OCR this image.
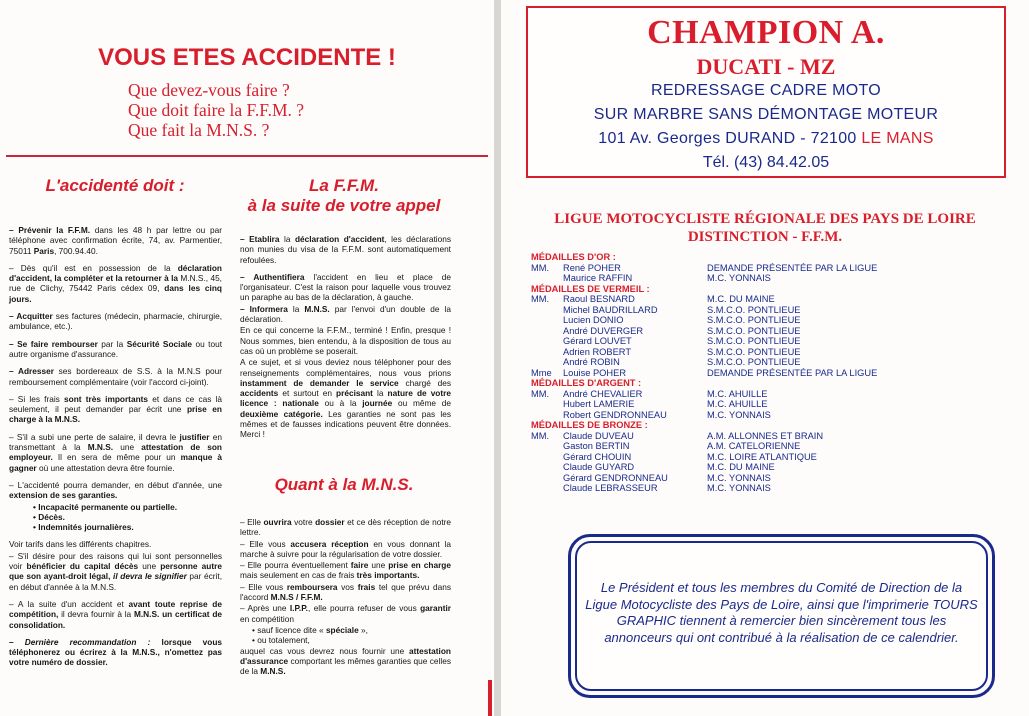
VOUS ETES ACCIDENTE !
Que devez-vous faire ?
Que doit faire la F.F.M. ?
Que fait la M.N.S. ?
L'accidenté doit :	La F.F.M.
à la suite de votre appel

– Prévenir la F.F.M. dans les 48 h par lettre ou par téléphone avec confirmation écrite, 74, av. Parmentier, 75011 Paris, 700.94.40.

– Dès qu'il est en possession de la déclaration d'accident, la compléter et la retourner à la M.N.S., 45, rue de Clichy, 75442 Paris cédex 09, dans les cinq jours.

– Acquitter ses factures (médecin, pharmacie, chirurgie, ambulance, etc.).

– Se faire rembourser par la Sécurité Sociale ou tout autre organisme d'assurance.

– Adresser ses bordereaux de S.S. à la M.N.S pour remboursement complémentaire (voir l'accord ci-joint).

– Si les frais sont très importants et dans ce cas là seulement, il peut demander par écrit une prise en charge à la M.N.S.

– S'il a subi une perte de salaire, il devra le justifier en transmettant à la M.N.S. une attestation de son employeur. Il en sera de même pour un manque à gagner où une attestation devra être fournie.

– L'accidenté pourra demander, en début d'année, une extension de ses garanties.

• Incapacité permanente ou partielle.
• Décès.
• Indemnités journalières.

Voir tarifs dans les différents chapitres.

– S'il désire pour des raisons qui lui sont personnelles voir bénéficier du capital décès une personne autre que son ayant-droit légal, il devra le signifier par écrit, en début d'année à la M.N.S.

– A la suite d'un accident et avant toute reprise de compétition, il devra fournir à la M.N.S. un certificat de consolidation.

– Dernière recommandation : lorsque vous téléphonerez ou écrirez à la M.N.S., n'omettez pas votre numéro de dossier.

– Etablira la déclaration d'accident, les déclarations non munies du visa de la F.F.M. sont automatiquement refoulées.

– Authentifiera l'accident en lieu et place de l'organisateur. C'est la raison pour laquelle vous trouvez un paraphe au bas de la déclaration, à gauche.

– Informera la M.N.S. par l'envoi d'un double de la déclaration.

En ce qui concerne la F.F.M., terminé ! Enfin, presque ! Nous sommes, bien entendu, à la disposition de tous au cas où un problème se poserait.

A ce sujet, et si vous deviez nous téléphoner pour des renseignements complémentaires, nous vous prions instamment de demander le service chargé des accidents et surtout en précisant la nature de votre licence : nationale ou à la journée ou même de deuxième catégorie. Les garanties ne sont pas les mêmes et de fausses indications peuvent être données. Merci !

Quant à la M.N.S.

– Elle ouvrira votre dossier et ce dès réception de notre lettre.

– Elle vous accusera réception en vous donnant la marche à suivre pour la régularisation de votre dossier.

– Elle pourra éventuellement faire une prise en charge mais seulement en cas de frais très importants.

– Elle vous remboursera vos frais tel que prévu dans l'accord M.N.S / F.F.M.

– Après une I.P.P., elle pourra refuser de vous garantir en compétition

• sauf licence dite « spéciale »,
• ou totalement,

auquel cas vous devrez nous fournir une attestation d'assurance comportant les mêmes garanties que celles de la M.N.S.

CHAMPION A.
DUCATI - MZ
REDRESSAGE CADRE MOTO
SUR MARBRE SANS DÉMONTAGE MOTEUR
101 Av. Georges DURAND - 72100 LE MANS
Tél. (43) 84.42.05
LIGUE MOTOCYCLISTE RÉGIONALE DES PAYS DE LOIRE
DISTINCTION - F.F.M.
MÉDAILLES D'OR :
MM.	René POHER	DEMANDE PRÉSENTÉE PAR LA LIGUE
Maurice RAFFIN	M.C. YONNAIS
MÉDAILLES DE VERMEIL :
MM.	Raoul BESNARD	M.C. DU MAINE
Michel BAUDRILLARD	S.M.C.O. PONTLIEUE
Lucien DONIO	S.M.C.O. PONTLIEUE
André DUVERGER	S.M.C.O. PONTLIEUE
Gérard LOUVET	S.M.C.O. PONTLIEUE
Adrien ROBERT	S.M.C.O. PONTLIEUE
André ROBIN	S.M.C.O. PONTLIEUE
Mme	Louise POHER	DEMANDE PRÉSENTÉE PAR LA LIGUE
MÉDAILLES D'ARGENT :
MM.	André CHEVALIER	M.C. AHUILLE
Hubert LAMERIE	M.C. AHUILLE
Robert GENDRONNEAU	M.C. YONNAIS
MÉDAILLES DE BRONZE :
MM.	Claude DUVEAU	A.M. ALLONNES ET BRAIN
Gaston BERTIN	A.M. CATELORIENNE
Gérard CHOUIN	M.C. LOIRE ATLANTIQUE
Claude GUYARD	M.C. DU MAINE
Gérard GENDRONNEAU	M.C. YONNAIS
Claude LEBRASSEUR	M.C. YONNAIS
Le Président et tous les membres du Comité de Direction de la Ligue Motocycliste des Pays de Loire, ainsi que l'imprimerie TOURS GRAPHIC tiennent à remercier bien sincèrement tous les annonceurs qui ont contribué à la réalisation de ce calendrier.
